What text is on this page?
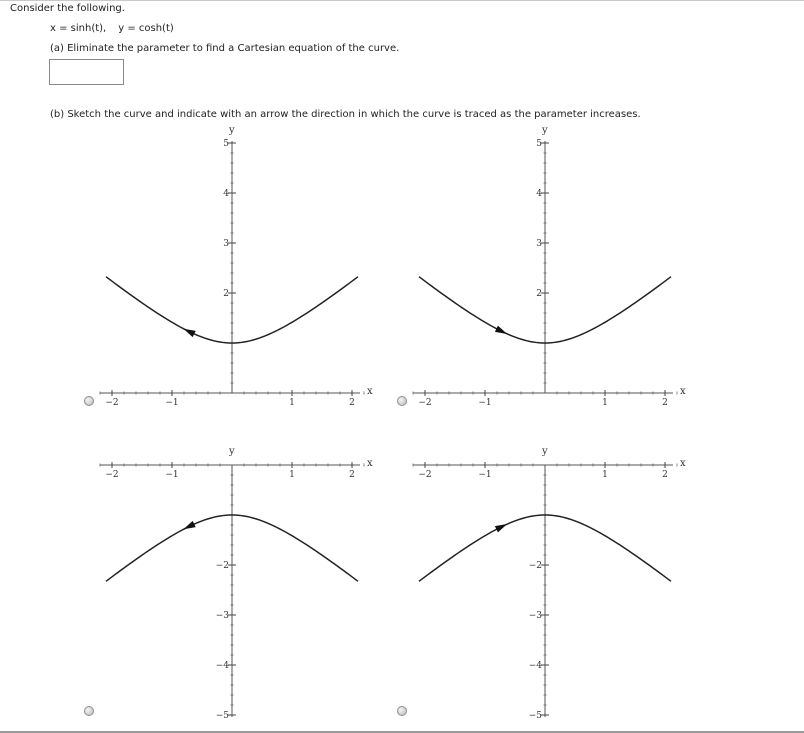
Consider the following.
x = sinh(t), y = cosh(t)
(a) Eliminate the parameter to find a Cartesian equation of the curve.
(b) Sketch the curve and indicate with an arrow the direction in which the curve is traced as the parameter increases.
2
3
4
5
−2	−1	1	2
x
y
2
3
4
5
−2	−1	1	2
x
y
−2
−3
−4
−5
−2	−1	1	2
x
y
−2
−3
−4
−5
−2	−1	1	2
x
y
